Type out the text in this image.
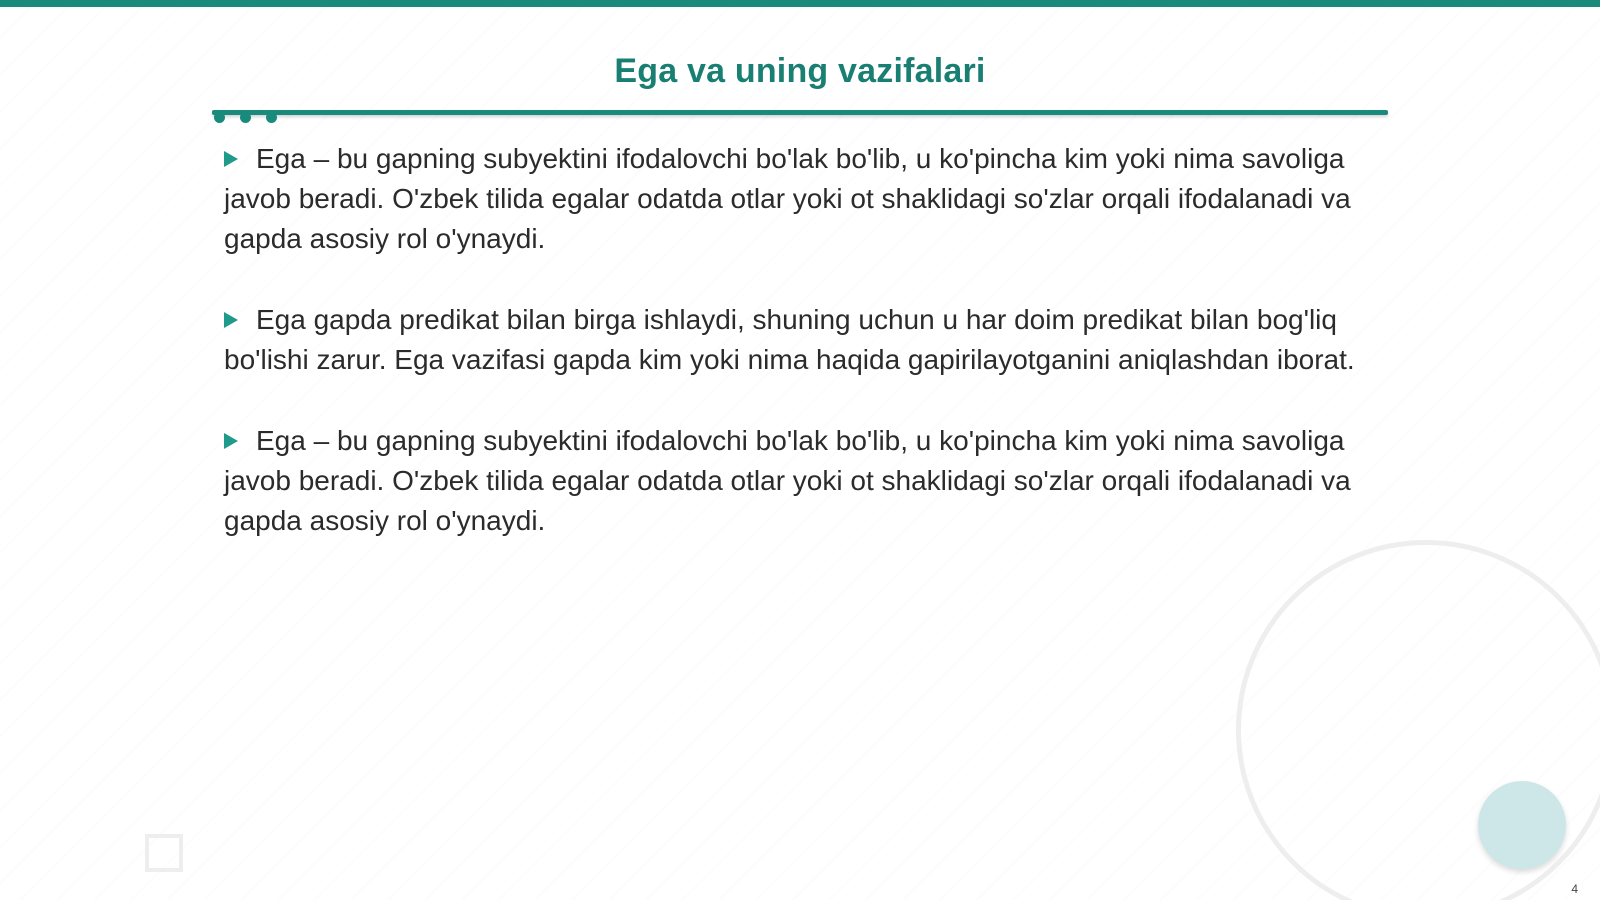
Ega va uning vazifalari
Ega – bu gapning subyektini ifodalovchi bo'lak bo'lib, u ko'pincha kim yoki nima savoliga javob beradi. O'zbek tilida egalar odatda otlar yoki ot shaklidagi so'zlar orqali ifodalanadi va gapda asosiy rol o'ynaydi.
Ega gapda predikat bilan birga ishlaydi, shuning uchun u har doim predikat bilan bog'liq bo'lishi zarur. Ega vazifasi gapda kim yoki nima haqida gapirilayotganini aniqlashdan iborat.
Ega – bu gapning subyektini ifodalovchi bo'lak bo'lib, u ko'pincha kim yoki nima savoliga javob beradi. O'zbek tilida egalar odatda otlar yoki ot shaklidagi so'zlar orqali ifodalanadi va gapda asosiy rol o'ynaydi.
4
